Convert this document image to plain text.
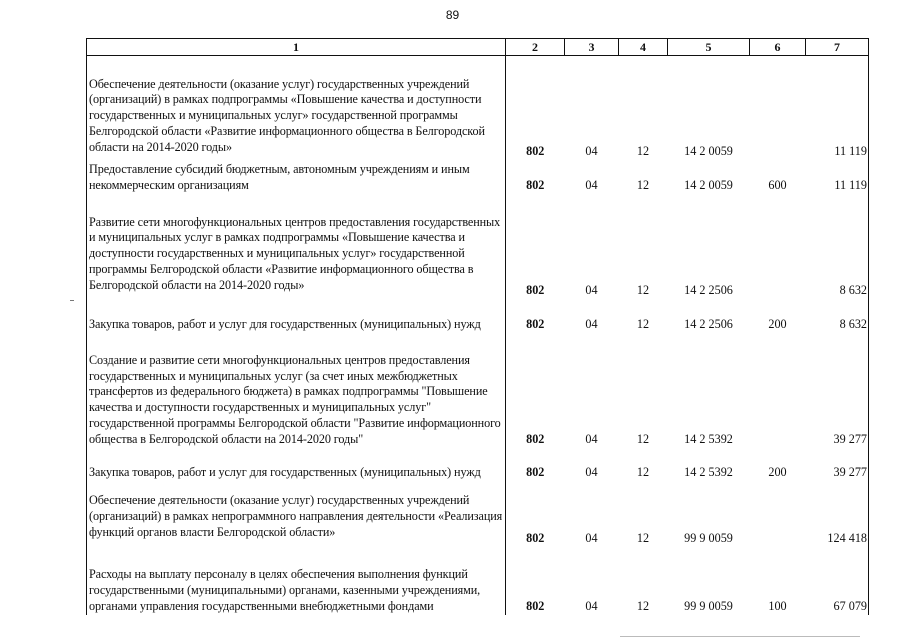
89
1	2	3	4	5	6	7

Обеспечение деятельности (оказание услуг) государственных учреждений (организаций) в рамках подпрограммы «Повышение качества и доступности государственных и муниципальных услуг» государственной программы Белгородской области «Развитие информационного общества в Белгородской области на 2014-2020 годы»	802	04	12	14 2 0059		11 119
Предоставление субсидий бюджетным, автономным учреждениям и иным некоммерческим организациям	802	04	12	14 2 0059	600	11 119

Развитие сети многофункциональных центров предоставления государственных и муниципальных услуг в рамках подпрограммы «Повышение качества и доступности государственных и муниципальных услуг» государственной программы Белгородской области «Развитие информационного общества в Белгородской области на 2014-2020 годы»	802	04	12	14 2 2506		8 632
Закупка товаров, работ и услуг для государственных (муниципальных) нужд	802	04	12	14 2 2506	200	8 632
Создание и развитие сети многофункциональных центров предоставления государственных и муниципальных услуг (за счет иных межбюджетных трансфертов из федерального бюджета) в рамках подпрограммы "Повышение качества и доступности государственных и муниципальных услуг" государственной программы Белгородской области "Развитие информационного общества в Белгородской области на 2014-2020 годы"	802	04	12	14 2 5392		39 277
Закупка товаров, работ и услуг для государственных (муниципальных) нужд	802	04	12	14 2 5392	200	39 277

Обеспечение деятельности (оказание услуг) государственных учреждений (организаций) в рамках непрограммного направления деятельности «Реализация функций органов власти Белгородской области»	802	04	12	99 9 0059		124 418
Расходы на выплату персоналу в целях обеспечения выполнения функций государственными (муниципальными) органами, казенными учреждениями, органами управления государственными внебюджетными фондами	802	04	12	99 9 0059	100	67 079
